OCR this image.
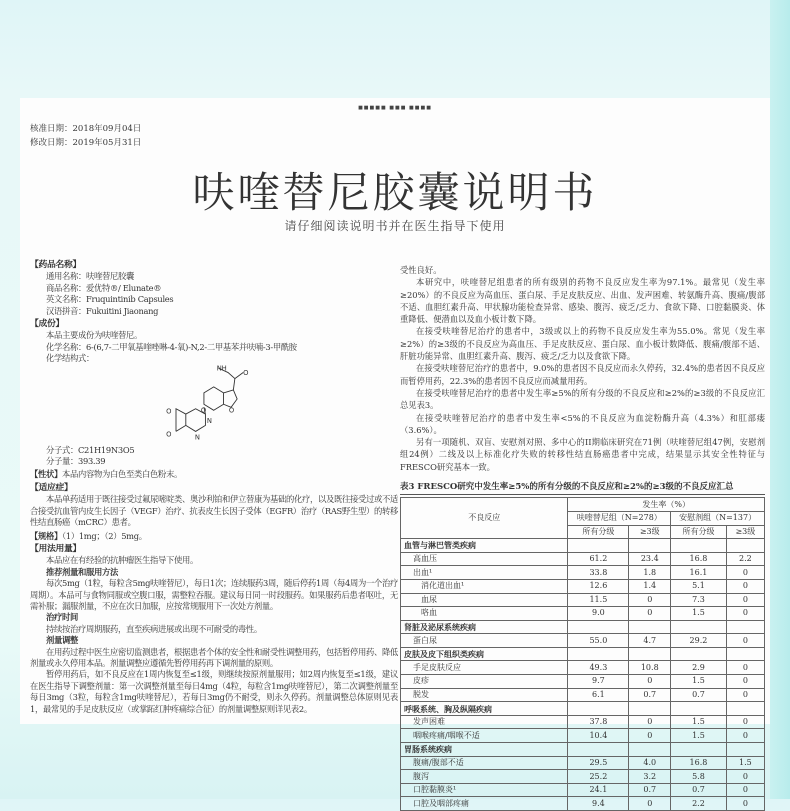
■■■■■ ■■■ ■■■■
核准日期：2018年09月04日
修改日期：2019年05月31日
呋喹替尼胶囊说明书
请仔细阅读说明书并在医生指导下使用
【药品名称】
通用名称：呋喹替尼胶囊
商品名称：爱优特®/ Elunate®
英文名称：Fruquintinib Capsules
汉语拼音：Fukuitini Jiaonang
【成份】
本品主要成份为呋喹替尼。
化学名称：6-(6,7-二甲氧基喹唑啉-4-氧)-N,2-二甲基苯并呋喃-3-甲酰胺
化学结构式：
NH
O
O
O
N
N
O
O
分子式：C21H19N3O5
分子量：393.39
【性状】本品内容物为白色至类白色粉末。
【适应症】
本品单药适用于既往接受过氟尿嘧啶类、奥沙利铂和伊立替康为基础的化疗，以及既往接受过或不适合接受抗血管内皮生长因子（VEGF）治疗、抗表皮生长因子受体（EGFR）治疗（RAS野生型）的转移性结直肠癌（mCRC）患者。
【规格】（1）1mg；（2）5mg。
【用法用量】
本品应在有经验的抗肿瘤医生指导下使用。
推荐剂量和服用方法
每次5mg（1粒，每粒含5mg呋喹替尼），每日1次；连续服药3周，随后停药1周（每4周为一个治疗周期）。本品可与食物同服或空腹口服，需整粒吞服。建议每日同一时段服药。如果服药后患者呕吐，无需补服；漏服剂量，不应在次日加服，应按常规服用下一次处方剂量。
治疗时间
持续按治疗周期服药，直至疾病进展或出现不可耐受的毒性。
剂量调整
在用药过程中医生应密切监测患者，根据患者个体的安全性和耐受性调整用药，包括暂停用药、降低剂量或永久停用本品。剂量调整应遵循先暂停用药再下调剂量的原则。
暂停用药后，如不良反应在1周内恢复至≤1级，则继续按原剂量服用；如2周内恢复至≤1级，建议在医生指导下调整剂量：第一次调整剂量至每日4mg（4粒，每粒含1mg呋喹替尼），第二次调整剂量至每日3mg（3粒，每粒含1mg呋喹替尼），若每日3mg仍不耐受，则永久停药。剂量调整总体原则见表1，最常见的手足皮肤反应（或掌跖红肿疼痛综合征）的剂量调整原则详见表2。
受性良好。
本研究中，呋喹替尼组患者的所有级别的药物不良反应发生率为97.1%。最常见（发生率≥20%）的不良反应为高血压、蛋白尿、手足皮肤反应、出血、发声困难、转氨酶升高、腹痛/腹部不适、血胆红素升高、甲状腺功能检查异常、感染、腹泻、疲乏/乏力、食欲下降、口腔黏膜炎、体重降低、便潜血以及血小板计数下降。
在接受呋喹替尼治疗的患者中，3级或以上的药物不良反应发生率为55.0%。常见（发生率≥2%）的≥3级的不良反应为高血压、手足皮肤反应、蛋白尿、血小板计数降低、腹痛/腹部不适、肝脏功能异常、血胆红素升高、腹泻、疲乏/乏力以及食欲下降。
在接受呋喹替尼治疗的患者中，9.0%的患者因不良反应而永久停药，32.4%的患者因不良反应而暂停用药，22.3%的患者因不良反应而减量用药。
在接受呋喹替尼治疗的患者中发生率≥5%的所有分级的不良反应和≥2%的≥3级的不良反应汇总见表3。
在接受呋喹替尼治疗的患者中发生率<5%的不良反应为血淀粉酶升高（4.3%）和肛部瘘（3.6%）。
另有一项随机、双盲、安慰剂对照、多中心的II期临床研究在71例（呋喹替尼组47例，安慰剂组24例）二线及以上标准化疗失败的转移性结直肠癌患者中完成，结果显示其安全性特征与FRESCO研究基本一致。
表3 FRESCO研究中发生率≥5%的所有分级的不良反应和≥2%的≥3级的不良反应汇总
不良反应	发生率（%）			
	呋喹替尼组（N=278）		安慰剂组（N=137）	
	所有分级	≥3级	所有分级	≥3级
血管与淋巴管类疾病				
高血压	61.2	23.4	16.8	2.2
出血¹	33.8	1.8	16.1	0
消化道出血¹	12.6	1.4	5.1	0
血尿	11.5	0	7.3	0
咯血	9.0	0	1.5	0
肾脏及泌尿系统疾病				
蛋白尿	55.0	4.7	29.2	0
皮肤及皮下组织类疾病				
手足皮肤反应	49.3	10.8	2.9	0
皮疹	9.7	0	1.5	0
脱发	6.1	0.7	0.7	0
呼吸系统、胸及纵隔疾病				
发声困难	37.8	0	1.5	0
咽喉疼痛/咽喉不适	10.4	0	1.5	0
胃肠系统疾病				
腹痛/腹部不适	29.5	4.0	16.8	1.5
腹泻	25.2	3.2	5.8	0
口腔黏膜炎¹	24.1	0.7	0.7	0
口腔及咽部疼痛	9.4	0	2.2	0
